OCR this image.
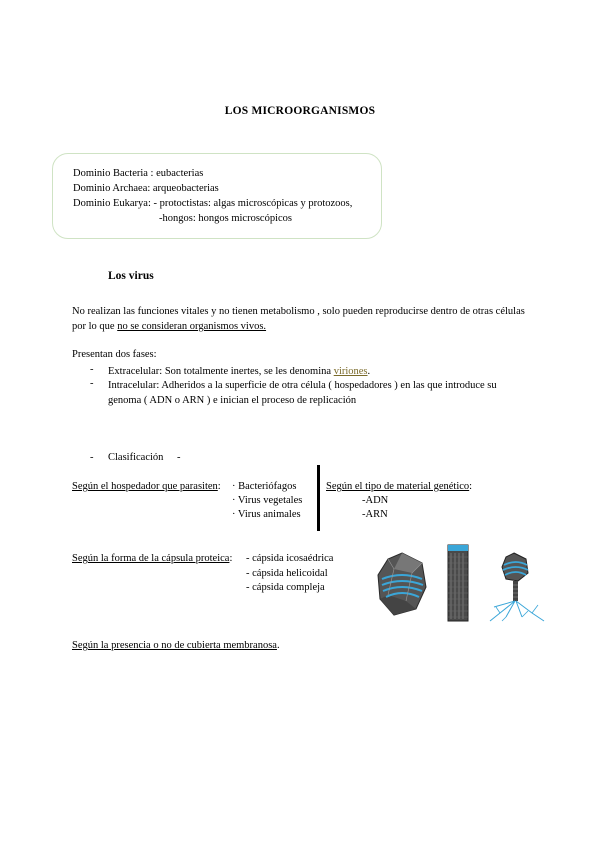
LOS MICROORGANISMOS
Dominio Bacteria : eubacterias
Dominio Archaea: arqueobacterias
Dominio Eukarya: - protoctistas: algas microscópicas y protozoos,
-hongos: hongos microscópicos
Los virus
No realizan las funciones vitales y no tienen metabolismo , solo pueden reproducirse dentro de otras células por lo que no se consideran organismos vivos.
Presentan dos fases:
- Extracelular: Son totalmente inertes, se les denomina viriones.
- Intracelular: Adheridos a la superficie de otra célula ( hospedadores ) en las que introduce su genoma ( ADN o ARN ) e inician el proceso de replicación
- Clasificación -
Según el hospedador que parasiten: · Bacteriófagos
· Virus vegetales
· Virus animales
Según el tipo de material genético:
-ADN
-ARN
Según la forma de la cápsula proteica: - cápsida icosaédrica
- cápsida helicoidal
- cápsida compleja
Según la presencia o no de cubierta membranosa.
